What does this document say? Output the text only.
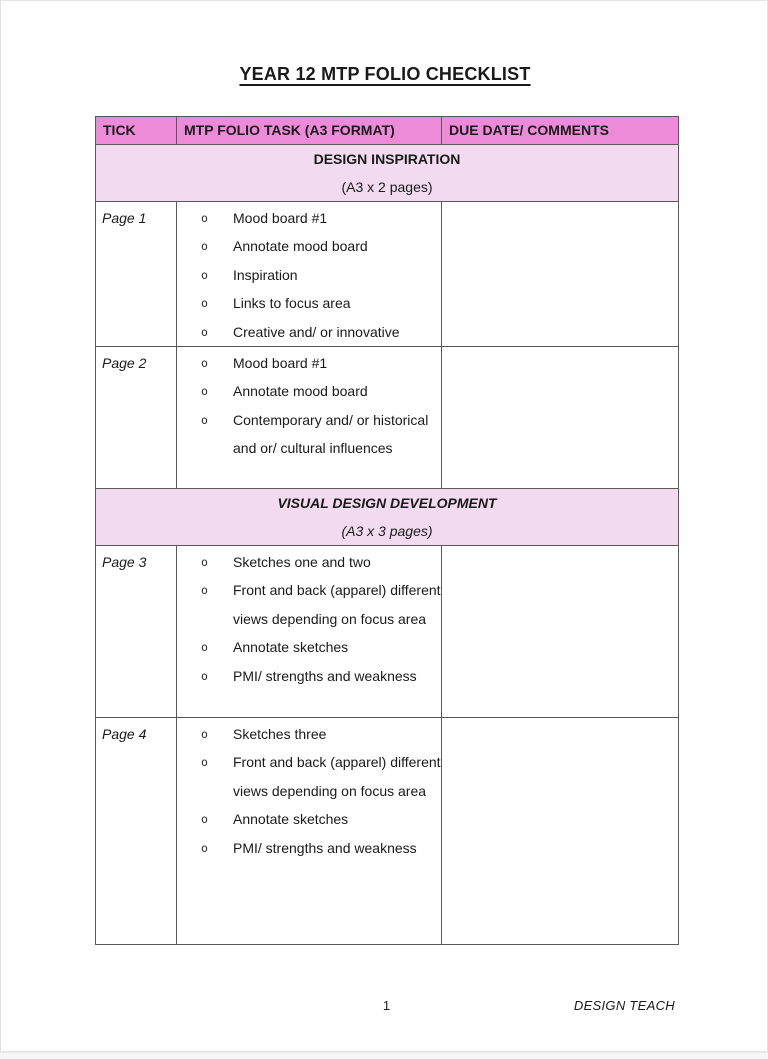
YEAR 12 MTP FOLIO CHECKLIST
TICK	MTP FOLIO TASK (A3 FORMAT)	DUE DATE/ COMMENTS

DESIGN INSPIRATION
(A3 x 2 pages)		

Page 1	o	Mood board #1
o	Annotate mood board
o	Inspiration
o	Links to focus area
o	Creative and/ or innovative

Page 2	o	Mood board #1
o	Annotate mood board
o	Contemporary and/ or historical and or/ cultural influences

VISUAL DESIGN DEVELOPMENT
(A3 x 3 pages)		

Page 3	o	Sketches one and two
o	Front and back (apparel) different views depending on focus area
o	Annotate sketches
o	PMI/ strengths and weakness

Page 4	o	Sketches three
o	Front and back (apparel) different views depending on focus area
o	Annotate sketches
o	PMI/ strengths and weakness

1	DESIGN TEACH
